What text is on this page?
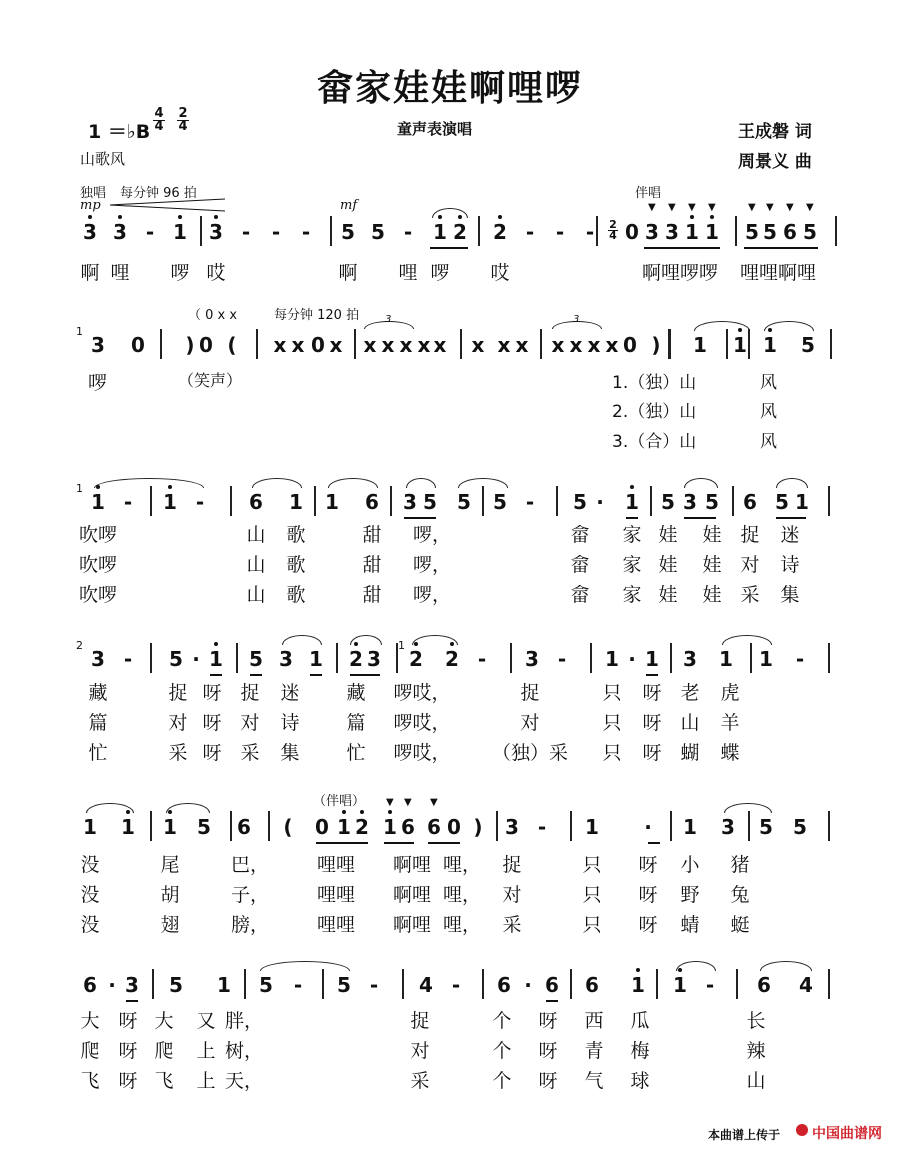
畲家娃娃啊哩啰
1 ＝♭B
4

4
2

4	童声表演唱	王成磐 词
周景义 曲
山歌风
独唱 每分钟 96 拍	伴唱
mp	mf
3 3 - 1 3 - - - 5 5 - 1 2 2 - - - 0 3 3 1 1 5 5 6 5
▼ ▼ ▼ ▼	▼ ▼ ▼ ▼
2

4
啊 哩 啰 哎	啊 哩 啰 哎	啊哩啰啰 哩哩啊哩
（ 0 x x	每分钟 120 拍
3 0 ) 0 ( x x 0 x x x x x x x x x x x x x 0 ) 1 1 1 5
3	3
1
啰	（笑声）	1.（独）山
2.（独）山
3.（合）山
风
风
风
1 - 1 - 6 1 1 6 3 5 5 5 - 5 · 1 5 3 5 6 5 1
1
吹啰	山 歌	甜 啰，	畲 家 娃 娃 捉 迷
吹啰	山 歌	甜 啰，	畲 家 娃 娃 对 诗
吹啰	山 歌	甜 啰，	畲 家 娃 娃 采 集
3 - 5 · 1 5 3 1 2 3 2 2 - 3 - 1 · 1 3 1 1 -
2	1
藏	捉 呀 捉 迷 藏 啰哎，	捉	只 呀 老 虎
篇	对 呀 对 诗 篇 啰哎，	对	只 呀 山 羊
忙	采 呀 采 集 忙 啰哎， （独）采 只 呀 蝴 蝶
（伴唱）
1 1 1 5 6 ( 0 1 2 1 6 6 0 ) 3 - 1 · 1 3 5 5
▼ ▼ ▼
没	尾	巴，	哩哩 啊哩 哩， 捉	只 呀 小 猪
没	胡	子，	哩哩 啊哩 哩， 对	只 呀 野 兔
没	翅	膀，	哩哩 啊哩 哩， 采	只 呀 蜻 蜓
6 · 3 5 1 5 - 5 - 4 - 6 · 6 6 1 1 - 6 4
大 呀 大 又 胖，	捉	个 呀 西 瓜	长
爬 呀 爬 上 树，	对	个 呀 青 梅	辣
飞 呀 飞 上 天，	采	个 呀 气 球	山
本曲谱上传于 中国曲谱网
